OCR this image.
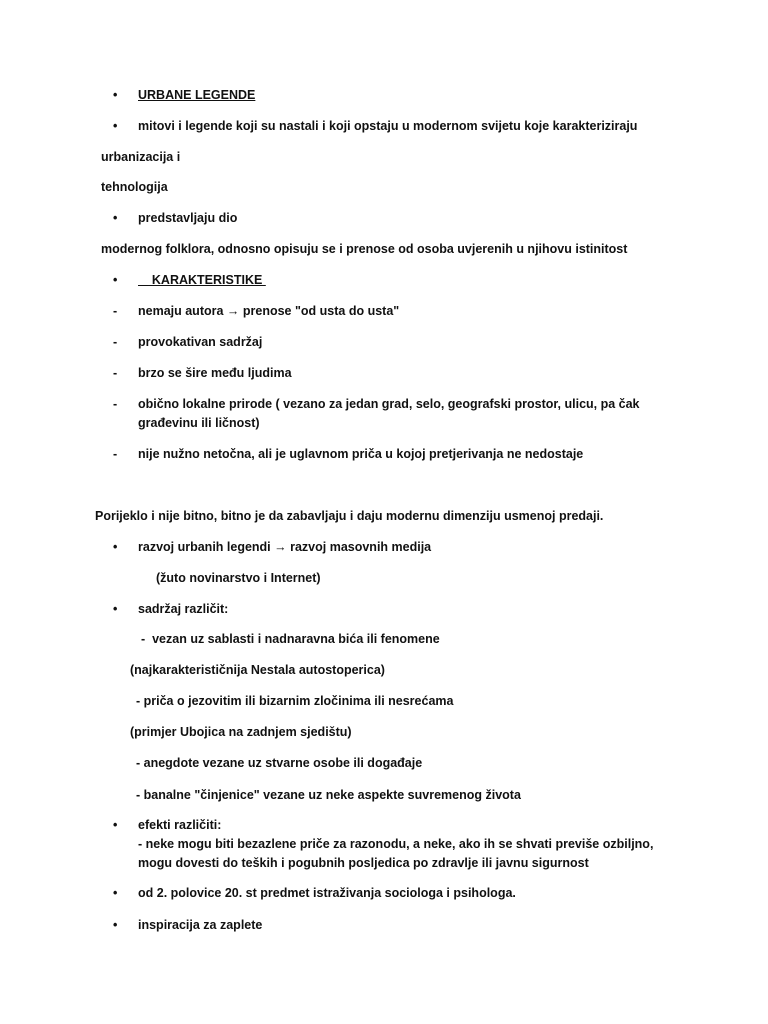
•	URBANE LEGENDE
•	mitovi i legende koji su nastali i koji opstaju u modernom svijetu koje karakteriziraju
urbanizacija i
tehnologija
•	predstavljaju dio
modernog folklora, odnosno opisuju se i prenose od osoba uvjerenih u njihovu istinitost
•	KARAKTERISTIKE
-	nemaju autora → prenose "od usta do usta"
-	provokativan sadržaj
-	brzo se šire među ljudima
-	obično lokalne prirode ( vezano za jedan grad, selo, geografski prostor, ulicu, pa čak
građevinu ili ličnost)
-	nije nužno netočna, ali je uglavnom priča u kojoj pretjerivanja ne nedostaje
Porijeklo i nije bitno, bitno je da zabavljaju i daju modernu dimenziju usmenoj predaji.
•	razvoj urbanih legendi → razvoj masovnih medija
(žuto novinarstvo i Internet)
•	sadržaj različit:
-  vezan uz sablasti i nadnaravna bića ili fenomene
(najkarakterističnija Nestala autostoperica)
- priča o jezovitim ili bizarnim zločinima ili nesrećama
(primjer Ubojica na zadnjem sjedištu)
- anegdote vezane uz stvarne osobe ili događaje
- banalne "činjenice" vezane uz neke aspekte suvremenog života
•	efekti različiti:
- neke mogu biti bezazlene priče za razonodu, a neke, ako ih se shvati previše ozbiljno,
mogu dovesti do teških i pogubnih posljedica po zdravlje ili javnu sigurnost
•	od 2. polovice 20. st predmet istraživanja sociologa i psihologa.
•	inspiracija za zaplete
